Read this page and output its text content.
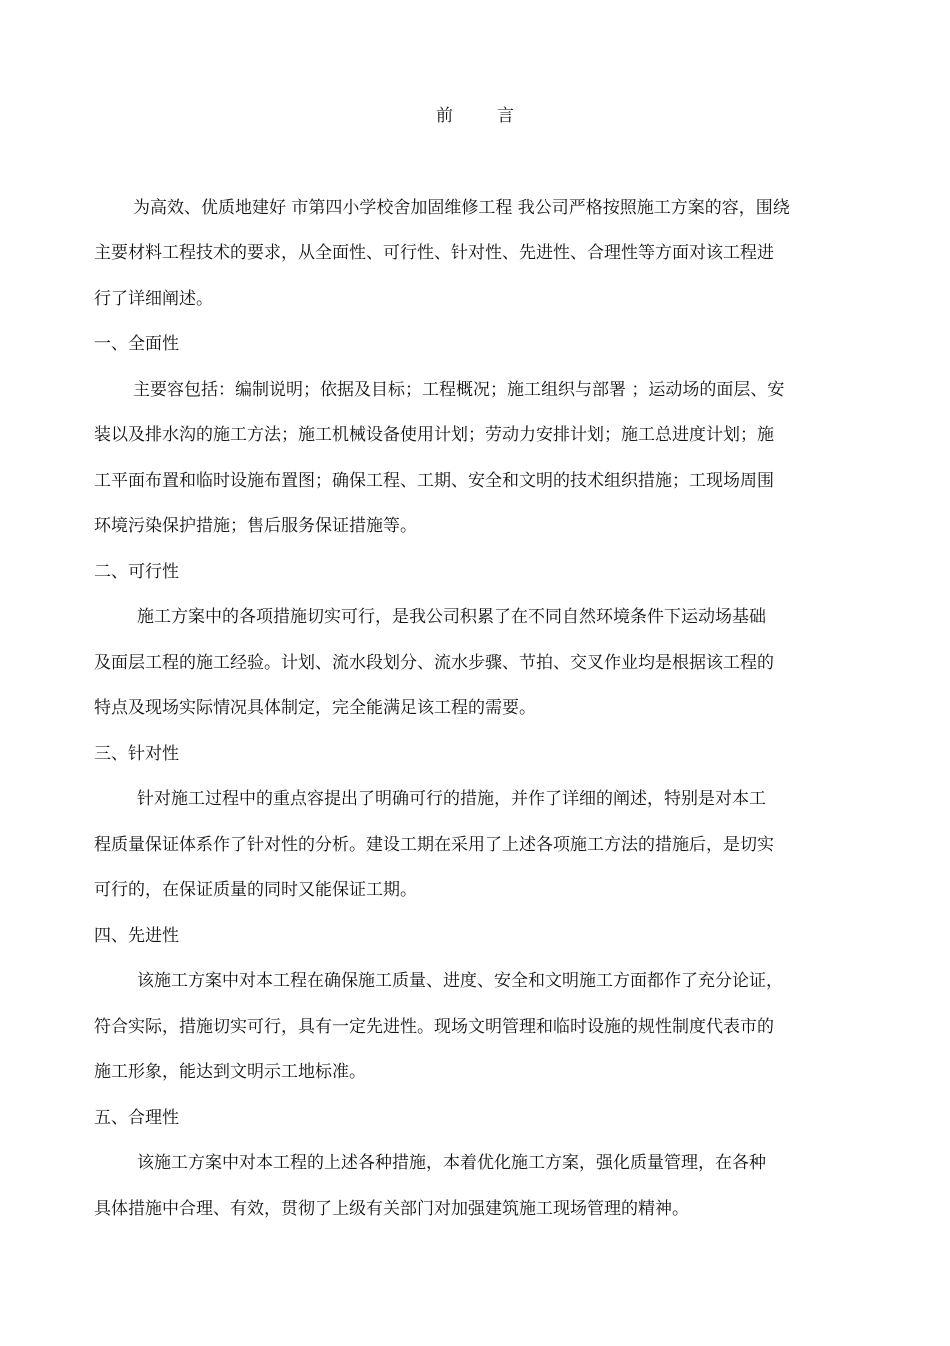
前	言

为高效、优质地建好 市第四小学校舍加固维修工程 我公司严格按照施工方案的容，围绕

主要材料工程技术的要求，从全面性、可行性、针对性、先进性、合理性等方面对该工程进

行了详细阐述。

一、全面性

主要容包括：编制说明；依据及目标；工程概况；施工组织与部署 ；运动场的面层、安

装以及排水沟的施工方法；施工机械设备使用计划；劳动力安排计划；施工总进度计划；施

工平面布置和临时设施布置图；确保工程、工期、安全和文明的技术组织措施；工现场周围

环境污染保护措施；售后服务保证措施等。

二、可行性

施工方案中的各项措施切实可行，是我公司积累了在不同自然环境条件下运动场基础

及面层工程的施工经验。计划、流水段划分、流水步骤、节拍、交叉作业均是根据该工程的

特点及现场实际情况具体制定，完全能满足该工程的需要。

三、针对性

针对施工过程中的重点容提出了明确可行的措施，并作了详细的阐述，特别是对本工

程质量保证体系作了针对性的分析。建设工期在采用了上述各项施工方法的措施后，是切实

可行的，在保证质量的同时又能保证工期。

四、先进性

该施工方案中对本工程在确保施工质量、进度、安全和文明施工方面都作了充分论证，

符合实际，措施切实可行，具有一定先进性。现场文明管理和临时设施的规性制度代表市的

施工形象，能达到文明示工地标准。

五、合理性

该施工方案中对本工程的上述各种措施，本着优化施工方案，强化质量管理，在各种

具体措施中合理、有效，贯彻了上级有关部门对加强建筑施工现场管理的精神。
